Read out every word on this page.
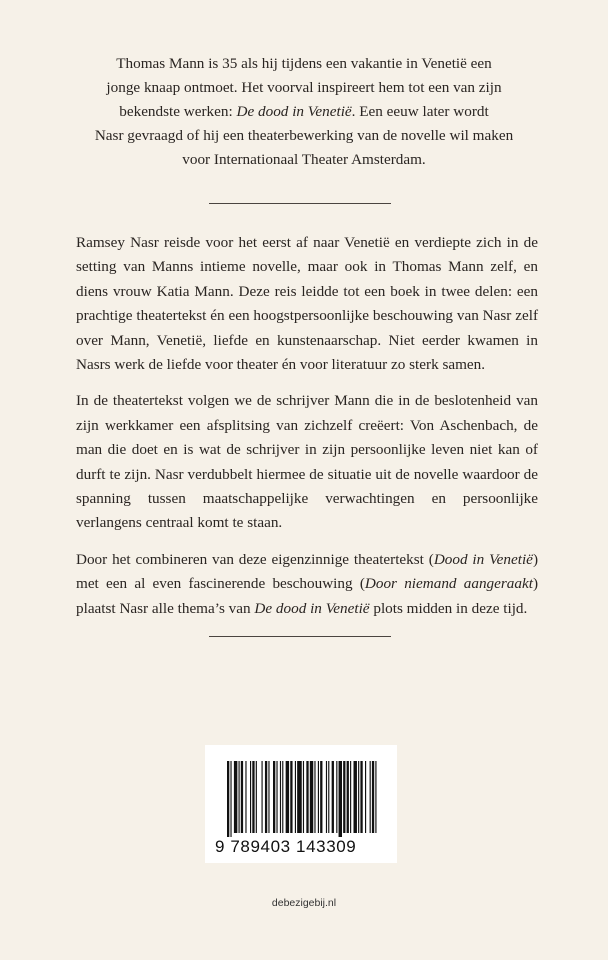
Thomas Mann is 35 als hij tijdens een vakantie in Venetië een

jonge knaap ontmoet. Het voorval inspireert hem tot een van zijn

bekendste werken: De dood in Venetië. Een eeuw later wordt

Nasr gevraagd of hij een theaterbewerking van de novelle wil maken

voor Internationaal Theater Amsterdam.

Ramsey Nasr reisde voor het eerst af naar Venetië en verdiepte zich in de setting van Manns intieme novelle, maar ook in Thomas Mann zelf, en diens vrouw Katia Mann. Deze reis leidde tot een boek in twee delen: een prachtige theatertekst én een hoogstpersoonlijke beschouwing van Nasr zelf over Mann, Venetië, liefde en kunstenaarschap. Niet eerder kwamen in Nasrs werk de liefde voor theater én voor literatuur zo sterk samen.

In de theatertekst volgen we de schrijver Mann die in de beslotenheid van zijn werkkamer een afsplitsing van zichzelf creëert: Von Aschenbach, de man die doet en is wat de schrijver in zijn persoonlijke leven niet kan of durft te zijn. Nasr verdubbelt hiermee de situatie uit de novelle waardoor de spanning tussen maatschappelijke verwachtingen en persoonlijke verlangens centraal komt te staan.

Door het combineren van deze eigenzinnige theatertekst (Dood in Venetië) met een al even fascinerende beschouwing (Door niemand aangeraakt) plaatst Nasr alle thema’s van De dood in Venetië plots midden in deze tijd.

9 789403 143309
debezigebij.nl
